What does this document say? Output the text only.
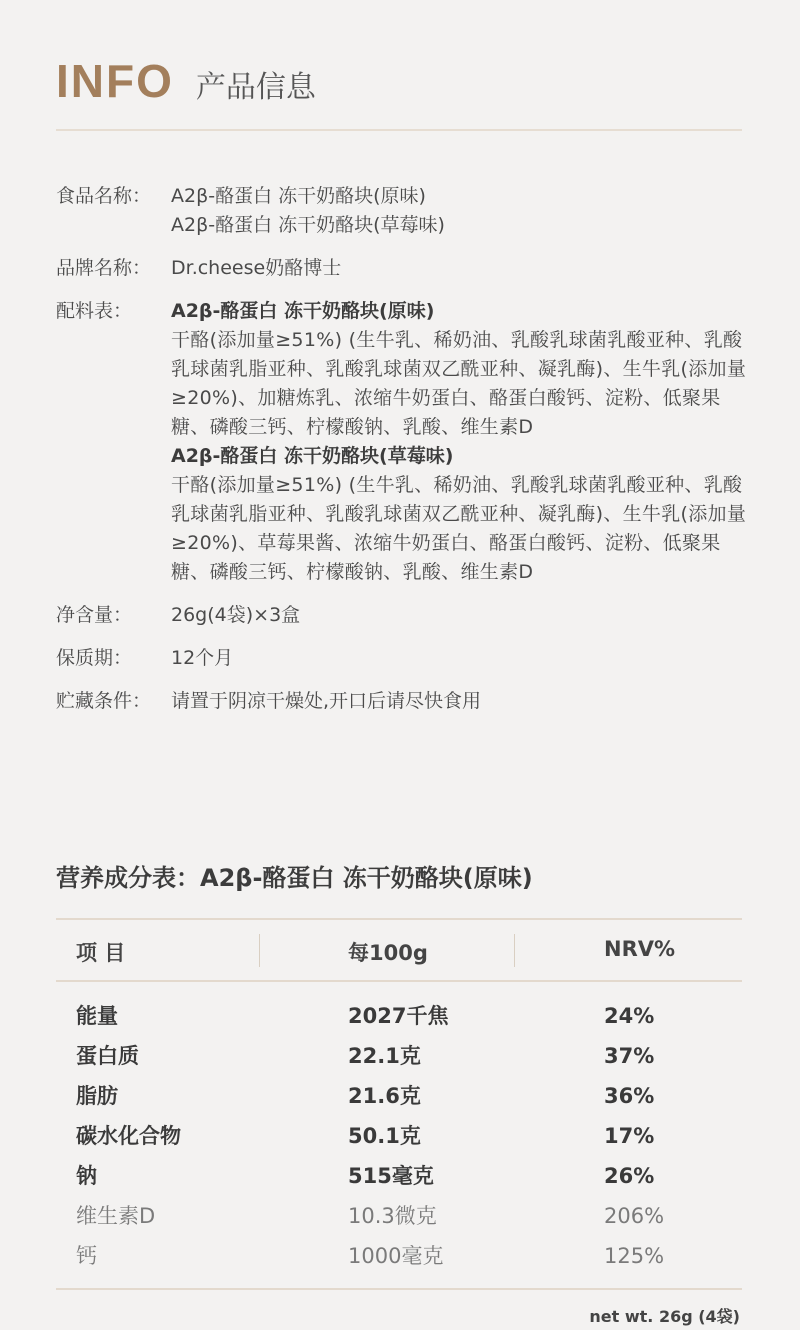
INFO 产品信息
食品名称：	A2β-酪蛋白 冻干奶酪块(原味)
A2β-酪蛋白 冻干奶酪块(草莓味)
品牌名称：	Dr.cheese奶酪博士
配料表：	A2β-酪蛋白 冻干奶酪块(原味)
干酪(添加量≥51%) (生牛乳、稀奶油、乳酸乳球菌乳酸亚种、乳酸乳球菌乳脂亚种、乳酸乳球菌双乙酰亚种、凝乳酶)、生牛乳(添加量≥20%)、加糖炼乳、浓缩牛奶蛋白、酪蛋白酸钙、淀粉、低聚果糖、磷酸三钙、柠檬酸钠、乳酸、维生素D
A2β-酪蛋白 冻干奶酪块(草莓味)
干酪(添加量≥51%) (生牛乳、稀奶油、乳酸乳球菌乳酸亚种、乳酸乳球菌乳脂亚种、乳酸乳球菌双乙酰亚种、凝乳酶)、生牛乳(添加量≥20%)、草莓果酱、浓缩牛奶蛋白、酪蛋白酸钙、淀粉、低聚果糖、磷酸三钙、柠檬酸钠、乳酸、维生素D
净含量：	26g(4袋)×3盒
保质期：	12个月
贮藏条件：	请置于阴凉干燥处,开口后请尽快食用
营养成分表：A2β-酪蛋白 冻干奶酪块(原味)
项 目	每100g	NRV%
能量	2027千焦	24%
蛋白质	22.1克	37%
脂肪	21.6克	36%
碳水化合物	50.1克	17%
钠	515毫克	26%
维生素D	10.3微克	206%
钙	1000毫克	125%
net wt. 26g (4袋)
